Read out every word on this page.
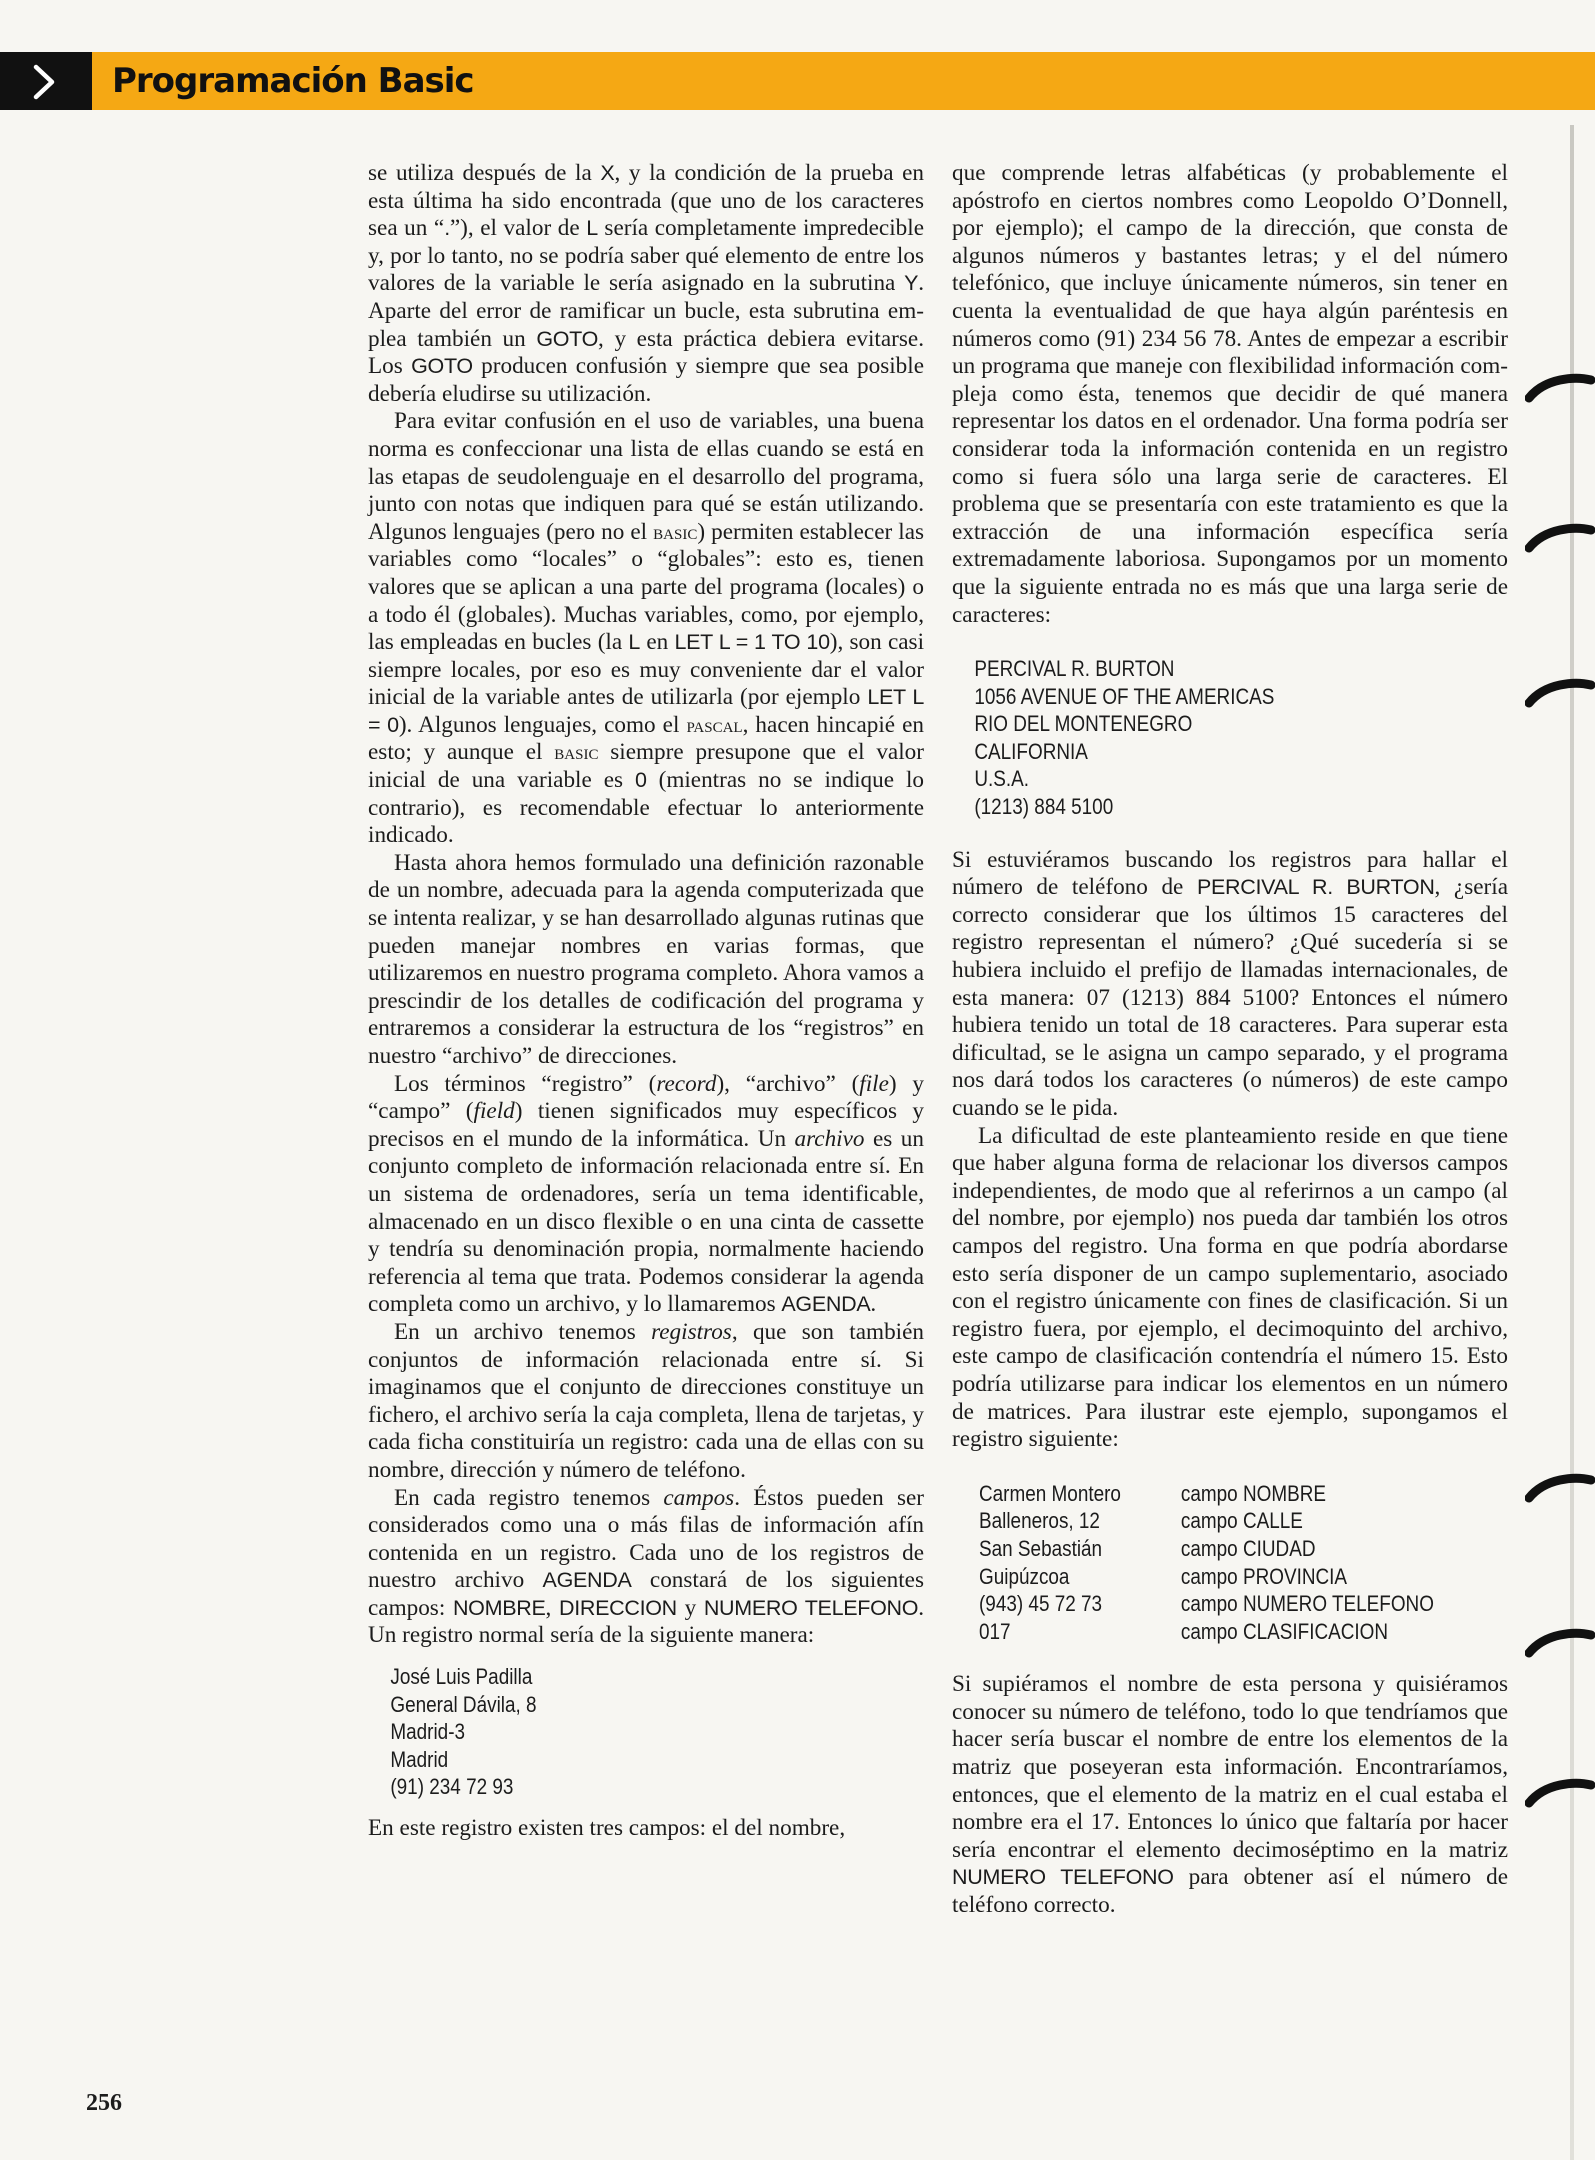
Programación Basic

se utiliza después de la X, y la condición de la prueba en esta última ha sido encontrada (que uno de los caracteres sea un “.”), el valor de L sería completamente impredecible y, por lo tanto, no se podría saber qué elemento de entre los valores de la variable le sería asignado en la subrutina Y. Aparte del error de ramificar un bucle, esta subrutina emplea también un GOTO, y esta práctica debiera evitarse. Los GOTO producen confusión y siempre que sea posible debería eludirse su utilización.

Para evitar confusión en el uso de variables, una buena norma es confeccionar una lista de ellas cuando se está en las etapas de seudolenguaje en el desarrollo del programa, junto con notas que indiquen para qué se están utilizando. Algunos lenguajes (pero no el basic) permiten establecer las variables como “locales” o “globales”: esto es, tienen valores que se aplican a una parte del programa (locales) o a todo él (globales). Muchas variables, como, por ejemplo, las empleadas en bucles (la L en LET L = 1 TO 10), son casi siempre locales, por eso es muy conveniente dar el valor inicial de la variable antes de utilizarla (por ejemplo LET L = 0). Algunos lenguajes, como el pascal, hacen hincapié en esto; y aunque el basic siempre presupone que el valor inicial de una variable es 0 (mientras no se indique lo contrario), es recomendable efectuar lo anteriormente indicado.

Hasta ahora hemos formulado una definición razonable de un nombre, adecuada para la agenda computerizada que se intenta realizar, y se han desarrollado algunas rutinas que pueden manejar nombres en varias formas, que utilizaremos en nuestro programa completo. Ahora vamos a prescindir de los detalles de codificación del programa y entraremos a considerar la estructura de los “registros” en nuestro “archivo” de direcciones.

Los términos “registro” (record), “archivo” (file) y “campo” (field) tienen significados muy específicos y precisos en el mundo de la informática. Un archivo es un conjunto completo de información relacionada entre sí. En un sistema de ordenadores, sería un tema identificable, almacenado en un disco flexible o en una cinta de cassette y tendría su denominación propia, normalmente haciendo referencia al tema que trata. Podemos considerar la agenda completa como un archivo, y lo llamaremos AGENDA.

En un archivo tenemos registros, que son también conjuntos de información relacionada entre sí. Si imaginamos que el conjunto de direcciones constituye un fichero, el archivo sería la caja completa, llena de tarjetas, y cada ficha constituiría un registro: cada una de ellas con su nombre, dirección y número de teléfono.

En cada registro tenemos campos. Éstos pueden ser considerados como una o más filas de información afín contenida en un registro. Cada uno de los registros de nuestro archivo AGENDA constará de los siguientes campos: NOMBRE, DIRECCION y NUMERO TELEFONO. Un registro normal sería de la siguiente manera:

José Luis Padilla
General Dávila, 8
Madrid-3
Madrid
(91) 234 72 93

En este registro existen tres campos: el del nombre,

que comprende letras alfabéticas (y probablemente el apóstrofo en ciertos nombres como Leopoldo O’Donnell, por ejemplo); el campo de la dirección, que consta de algunos números y bastantes letras; y el del número telefónico, que incluye únicamente números, sin tener en cuenta la eventualidad de que haya algún paréntesis en números como (91) 234 56 78. Antes de empezar a escribir un programa que maneje con flexibilidad información compleja como ésta, tenemos que decidir de qué manera representar los datos en el ordenador. Una forma podría ser considerar toda la información contenida en un registro como si fuera sólo una larga serie de caracteres. El problema que se presentaría con este tratamiento es que la extracción de una información específica sería extremadamente laboriosa. Supongamos por un momento que la siguiente entrada no es más que una larga serie de caracteres:

PERCIVAL R. BURTON
1056 AVENUE OF THE AMERICAS
RIO DEL MONTENEGRO
CALIFORNIA
U.S.A.
(1213) 884 5100

Si estuviéramos buscando los registros para hallar el número de teléfono de PERCIVAL R. BURTON, ¿sería correcto considerar que los últimos 15 caracteres del registro representan el número? ¿Qué sucedería si se hubiera incluido el prefijo de llamadas internacionales, de esta manera: 07 (1213) 884 5100? Entonces el número hubiera tenido un total de 18 caracteres. Para superar esta dificultad, se le asigna un campo separado, y el programa nos dará todos los caracteres (o números) de este campo cuando se le pida.

La dificultad de este planteamiento reside en que tiene que haber alguna forma de relacionar los diversos campos independientes, de modo que al referirnos a un campo (al del nombre, por ejemplo) nos pueda dar también los otros campos del registro. Una forma en que podría abordarse esto sería disponer de un campo suplementario, asociado con el registro únicamente con fines de clasificación. Si un registro fuera, por ejemplo, el decimoquinto del archivo, este campo de clasificación contendría el número 15. Esto podría utilizarse para indicar los elementos en un número de matrices. Para ilustrar este ejemplo, supongamos el registro siguiente:

Carmen Montero	campo NOMBRE
Balleneros, 12	campo CALLE
San Sebastián	campo CIUDAD
Guipúzcoa	campo PROVINCIA
(943) 45 72 73	campo NUMERO TELEFONO
017	campo CLASIFICACION

Si supiéramos el nombre de esta persona y quisiéramos conocer su número de teléfono, todo lo que tendríamos que hacer sería buscar el nombre de entre los elementos de la matriz que poseyeran esta información. Encontraríamos, entonces, que el elemento de la matriz en el cual estaba el nombre era el 17. Entonces lo único que faltaría por hacer sería encontrar el elemento decimoséptimo en la matriz NUMERO TELEFONO para obtener así el número de teléfono correcto.

256
